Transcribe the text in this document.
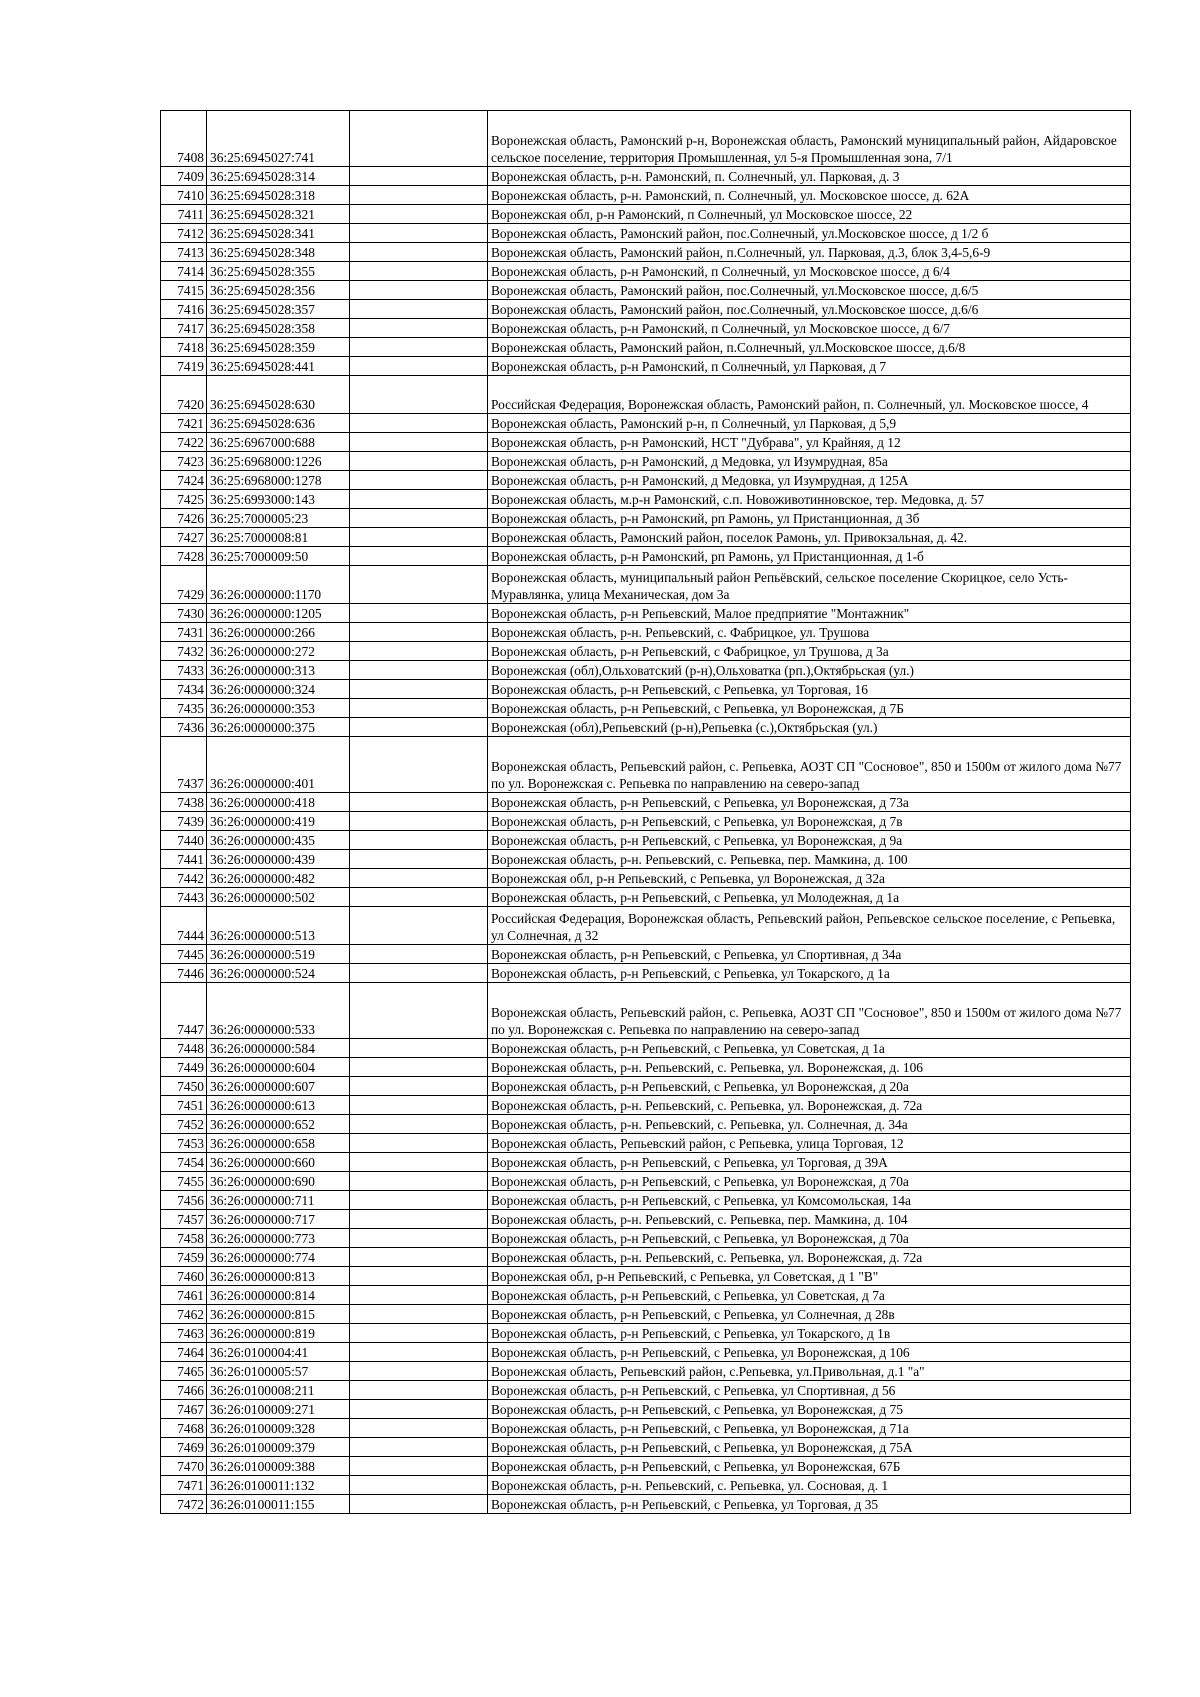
7408	36:25:6945027:741		Воронежская область, Рамонский р-н, Воронежская область, Рамонский муниципальный район, Айдаровское сельское поселение, территория Промышленная, ул 5-я Промышленная зона, 7/1
7409	36:25:6945028:314		Воронежская область, р-н. Рамонский, п. Солнечный, ул. Парковая, д. 3
7410	36:25:6945028:318		Воронежская область, р-н. Рамонский, п. Солнечный, ул. Московское шоссе, д. 62А
7411	36:25:6945028:321		Воронежская обл, р-н Рамонский, п Солнечный, ул Московское шоссе, 22
7412	36:25:6945028:341		Воронежская область, Рамонский район, пос.Солнечный, ул.Московское шоссе, д 1/2 б
7413	36:25:6945028:348		Воронежская область, Рамонский район, п.Солнечный, ул. Парковая, д.3, блок 3,4-5,6-9
7414	36:25:6945028:355		Воронежская область, р-н Рамонский, п Солнечный, ул Московское шоссе, д 6/4
7415	36:25:6945028:356		Воронежская область, Рамонский район, пос.Солнечный, ул.Московское шоссе, д.6/5
7416	36:25:6945028:357		Воронежская область, Рамонский район, пос.Солнечный, ул.Московское шоссе, д.6/6
7417	36:25:6945028:358		Воронежская область, р-н Рамонский, п Солнечный, ул Московское шоссе, д 6/7
7418	36:25:6945028:359		Воронежская область, Рамонский район, п.Солнечный, ул.Московское шоссе, д.6/8
7419	36:25:6945028:441		Воронежская область, р-н Рамонский, п Солнечный, ул Парковая, д 7
7420	36:25:6945028:630		Российская Федерация, Воронежская область, Рамонский район, п. Солнечный, ул. Московское шоссе, 4
7421	36:25:6945028:636		Воронежская область, Рамонский р-н, п Солнечный, ул Парковая, д 5,9
7422	36:25:6967000:688		Воронежская область, р-н Рамонский, НСТ "Дубрава", ул Крайняя, д 12
7423	36:25:6968000:1226		Воронежская область, р-н Рамонский, д Медовка, ул Изумрудная, 85а
7424	36:25:6968000:1278		Воронежская область, р-н Рамонский, д Медовка, ул Изумрудная, д 125А
7425	36:25:6993000:143		Воронежская область, м.р-н Рамонский, с.п. Новоживотинновское, тер. Медовка, д. 57
7426	36:25:7000005:23		Воронежская область, р-н Рамонский, рп Рамонь, ул Пристанционная, д 3б
7427	36:25:7000008:81		Воронежская область, Рамонский район, поселок Рамонь, ул. Привокзальная, д. 42.
7428	36:25:7000009:50		Воронежская область, р-н Рамонский, рп Рамонь, ул Пристанционная, д 1-б
7429	36:26:0000000:1170		Воронежская область, муниципальный район Репьёвский, сельское поселение Скорицкое, село Усть-Муравлянка, улица Механическая, дом 3а
7430	36:26:0000000:1205		Воронежская область, р-н Репьевский, Малое предприятие "Монтажник"
7431	36:26:0000000:266		Воронежская область, р-н. Репьевский, с. Фабрицкое, ул. Трушова
7432	36:26:0000000:272		Воронежская область, р-н Репьевский, с Фабрицкое, ул Трушова, д 3а
7433	36:26:0000000:313		Воронежская (обл),Ольховатский (р-н),Ольховатка (рп.),Октябрьская (ул.)
7434	36:26:0000000:324		Воронежская область, р-н Репьевский, с Репьевка, ул Торговая, 16
7435	36:26:0000000:353		Воронежская область, р-н Репьевский, с Репьевка, ул Воронежская, д 7Б
7436	36:26:0000000:375		Воронежская (обл),Репьевский (р-н),Репьевка (с.),Октябрьская (ул.)
7437	36:26:0000000:401		Воронежская область, Репьевский район, с. Репьевка, АОЗТ СП "Сосновое", 850 и 1500м от жилого дома №77 по ул. Воронежская с. Репьевка по направлению на северо-запад
7438	36:26:0000000:418		Воронежская область, р-н Репьевский, с Репьевка, ул Воронежская, д 73а
7439	36:26:0000000:419		Воронежская область, р-н Репьевский, с Репьевка, ул Воронежская, д 7в
7440	36:26:0000000:435		Воронежская область, р-н Репьевский, с Репьевка, ул Воронежская, д 9а
7441	36:26:0000000:439		Воронежская область, р-н. Репьевский, с. Репьевка, пер. Мамкина, д. 100
7442	36:26:0000000:482		Воронежская обл, р-н Репьевский, с Репьевка, ул Воронежская, д 32а
7443	36:26:0000000:502		Воронежская область, р-н Репьевский, с Репьевка, ул Молодежная, д 1а
7444	36:26:0000000:513		Российская Федерация, Воронежская область, Репьевский район, Репьевское сельское поселение, с Репьевка, ул Солнечная, д 32
7445	36:26:0000000:519		Воронежская область, р-н Репьевский, с Репьевка, ул Спортивная, д 34а
7446	36:26:0000000:524		Воронежская область, р-н Репьевский, с Репьевка, ул Токарского, д 1а
7447	36:26:0000000:533		Воронежская область, Репьевский район, с. Репьевка, АОЗТ СП "Сосновое", 850 и 1500м от жилого дома №77 по ул. Воронежская с. Репьевка по направлению на северо-запад
7448	36:26:0000000:584		Воронежская область, р-н Репьевский, с Репьевка, ул Советская, д 1а
7449	36:26:0000000:604		Воронежская область, р-н. Репьевский, с. Репьевка, ул. Воронежская, д. 106
7450	36:26:0000000:607		Воронежская область, р-н Репьевский, с Репьевка, ул Воронежская, д 20а
7451	36:26:0000000:613		Воронежская область, р-н. Репьевский, с. Репьевка, ул. Воронежская, д. 72а
7452	36:26:0000000:652		Воронежская область, р-н. Репьевский, с. Репьевка, ул. Солнечная, д. 34а
7453	36:26:0000000:658		Воронежская область, Репьевский район, с Репьевка, улица Торговая, 12
7454	36:26:0000000:660		Воронежская область, р-н Репьевский, с Репьевка, ул Торговая, д 39А
7455	36:26:0000000:690		Воронежская область, р-н Репьевский, с Репьевка, ул Воронежская, д 70а
7456	36:26:0000000:711		Воронежская область, р-н Репьевский, с Репьевка, ул Комсомольская, 14а
7457	36:26:0000000:717		Воронежская область, р-н. Репьевский, с. Репьевка, пер. Мамкина, д. 104
7458	36:26:0000000:773		Воронежская область, р-н Репьевский, с Репьевка, ул Воронежская, д 70а
7459	36:26:0000000:774		Воронежская область, р-н. Репьевский, с. Репьевка, ул. Воронежская, д. 72а
7460	36:26:0000000:813		Воронежская обл, р-н Репьевский, с Репьевка, ул Советская, д 1 "В"
7461	36:26:0000000:814		Воронежская область, р-н Репьевский, с Репьевка, ул Советская, д 7а
7462	36:26:0000000:815		Воронежская область, р-н Репьевский, с Репьевка, ул Солнечная, д 28в
7463	36:26:0000000:819		Воронежская область, р-н Репьевский, с Репьевка, ул Токарского, д 1в
7464	36:26:0100004:41		Воронежская область, р-н Репьевский, с Репьевка, ул Воронежская, д 106
7465	36:26:0100005:57		Воронежская область, Репьевский район, с.Репьевка, ул.Привольная, д.1 "а"
7466	36:26:0100008:211		Воронежская область, р-н Репьевский, с Репьевка, ул Спортивная, д 56
7467	36:26:0100009:271		Воронежская область, р-н Репьевский, с Репьевка, ул Воронежская, д 75
7468	36:26:0100009:328		Воронежская область, р-н Репьевский, с Репьевка, ул Воронежская, д 71а
7469	36:26:0100009:379		Воронежская область, р-н Репьевский, с Репьевка, ул Воронежская, д 75А
7470	36:26:0100009:388		Воронежская область, р-н Репьевский, с Репьевка, ул Воронежская, 67Б
7471	36:26:0100011:132		Воронежская область, р-н. Репьевский, с. Репьевка, ул. Сосновая, д. 1
7472	36:26:0100011:155		Воронежская область, р-н Репьевский, с Репьевка, ул Торговая, д 35
